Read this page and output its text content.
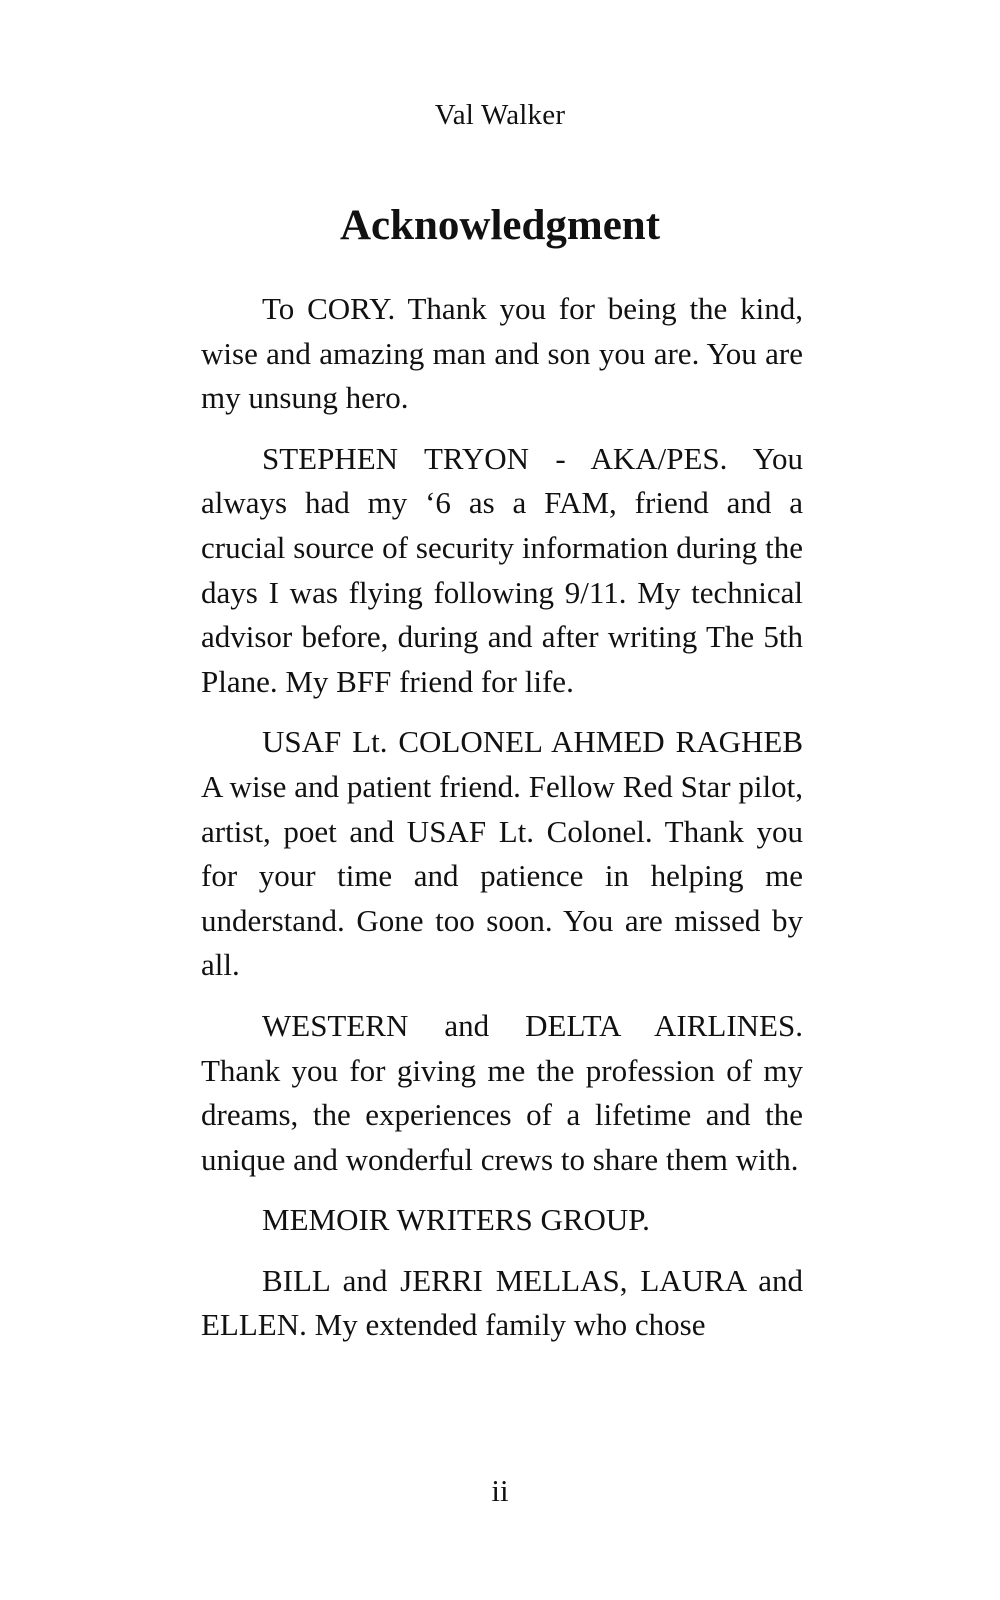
Val Walker
Acknowledgment

To CORY. Thank you for being the kind, wise and amazing man and son you are. You are my unsung hero.

STEPHEN TRYON - AKA/PES. You always had my ‘6 as a FAM, friend and a crucial source of security information during the days I was flying following 9/11. My technical advisor before, during and after writing The 5th Plane. My BFF friend for life.

USAF Lt. COLONEL AHMED RAGHEB A wise and patient friend. Fellow Red Star pilot, artist, poet and USAF Lt. Colonel. Thank you for your time and patience in helping me understand. Gone too soon. You are missed by all.

WESTERN and DELTA AIRLINES. Thank you for giving me the profession of my dreams, the experiences of a lifetime and the unique and wonderful crews to share them with.

MEMOIR WRITERS GROUP.

BILL and JERRI MELLAS, LAURA and ELLEN. My extended family who chose

ii
